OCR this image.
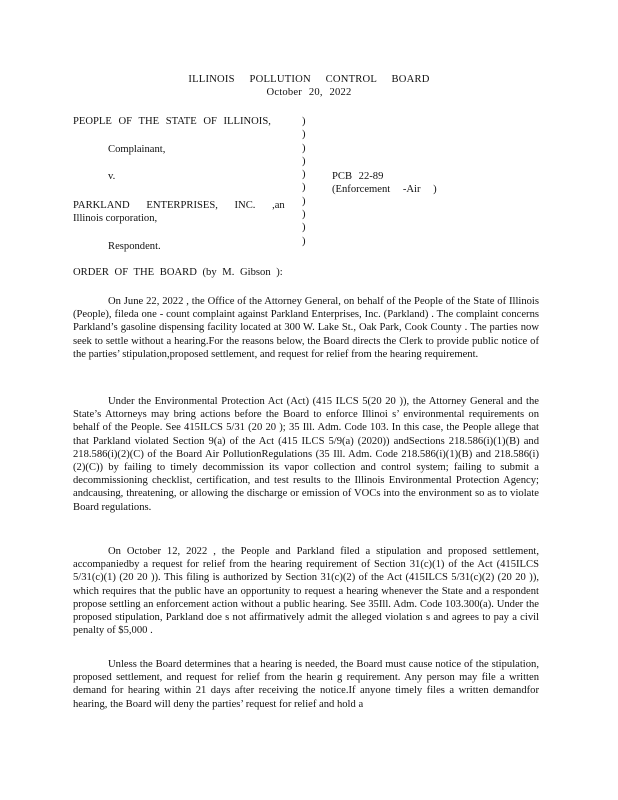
ILLINOIS POLLUTION CONTROL BOARD
October 20, 2022
PEOPLE OF THE STATE OF ILLINOIS,
Complainant,
v.
PARKLAND ENTERPRISES, INC. ,an
Illinois corporation,
Respondent.
)
)
)
)
)
)
)
)
)
)
PCB 22-89
(Enforcement -Air )
ORDER OF THE BOARD (by M. Gibson ):
On June 22, 2022 , the Office of the Attorney General, on behalf of the People of the State of Illinois (People), fileda one - count complaint against Parkland Enterprises, Inc. (Parkland) . The complaint concerns Parkland’s gasoline dispensing facility located at 300 W. Lake St., Oak Park, Cook County . The parties now seek to settle without a hearing.For the reasons below, the Board directs the Clerk to provide public notice of the parties’ stipulation,proposed settlement, and request for relief from the hearing requirement.
Under the Environmental Protection Act (Act) (415 ILCS 5(20 20 )), the Attorney General and the State’s Attorneys may bring actions before the Board to enforce Illinoi s’ environmental requirements on behalf of the People. See 415ILCS 5/31 (20 20 ); 35 Ill. Adm. Code 103. In this case, the People allege that that Parkland violated Section 9(a) of the Act (415 ILCS 5/9(a) (2020)) andSections 218.586(i)(1)(B) and 218.586(i)(2)(C) of the Board Air PollutionRegulations (35 Ill. Adm. Code 218.586(i)(1)(B) and 218.586(i)(2)(C)) by failing to timely decommission its vapor collection and control system; failing to submit a decommissioning checklist, certification, and test results to the Illinois Environmental Protection Agency; andcausing, threatening, or allowing the discharge or emission of VOCs into the environment so as to violate Board regulations.
On October 12, 2022 , the People and Parkland filed a stipulation and proposed settlement, accompaniedby a request for relief from the hearing requirement of Section 31(c)(1) of the Act (415ILCS 5/31(c)(1) (20 20 )). This filing is authorized by Section 31(c)(2) of the Act (415ILCS 5/31(c)(2) (20 20 )), which requires that the public have an opportunity to request a hearing whenever the State and a respondent propose settling an enforcement action without a public hearing. See 35Ill. Adm. Code 103.300(a). Under the proposed stipulation, Parkland doe s not affirmatively admit the alleged violation s and agrees to pay a civil penalty of $5,000 .
Unless the Board determines that a hearing is needed, the Board must cause notice of the stipulation, proposed settlement, and request for relief from the hearin g requirement. Any person may file a written demand for hearing within 21 days after receiving the notice.If anyone timely files a written demandfor hearing, the Board will deny the parties’ request for relief and hold a
